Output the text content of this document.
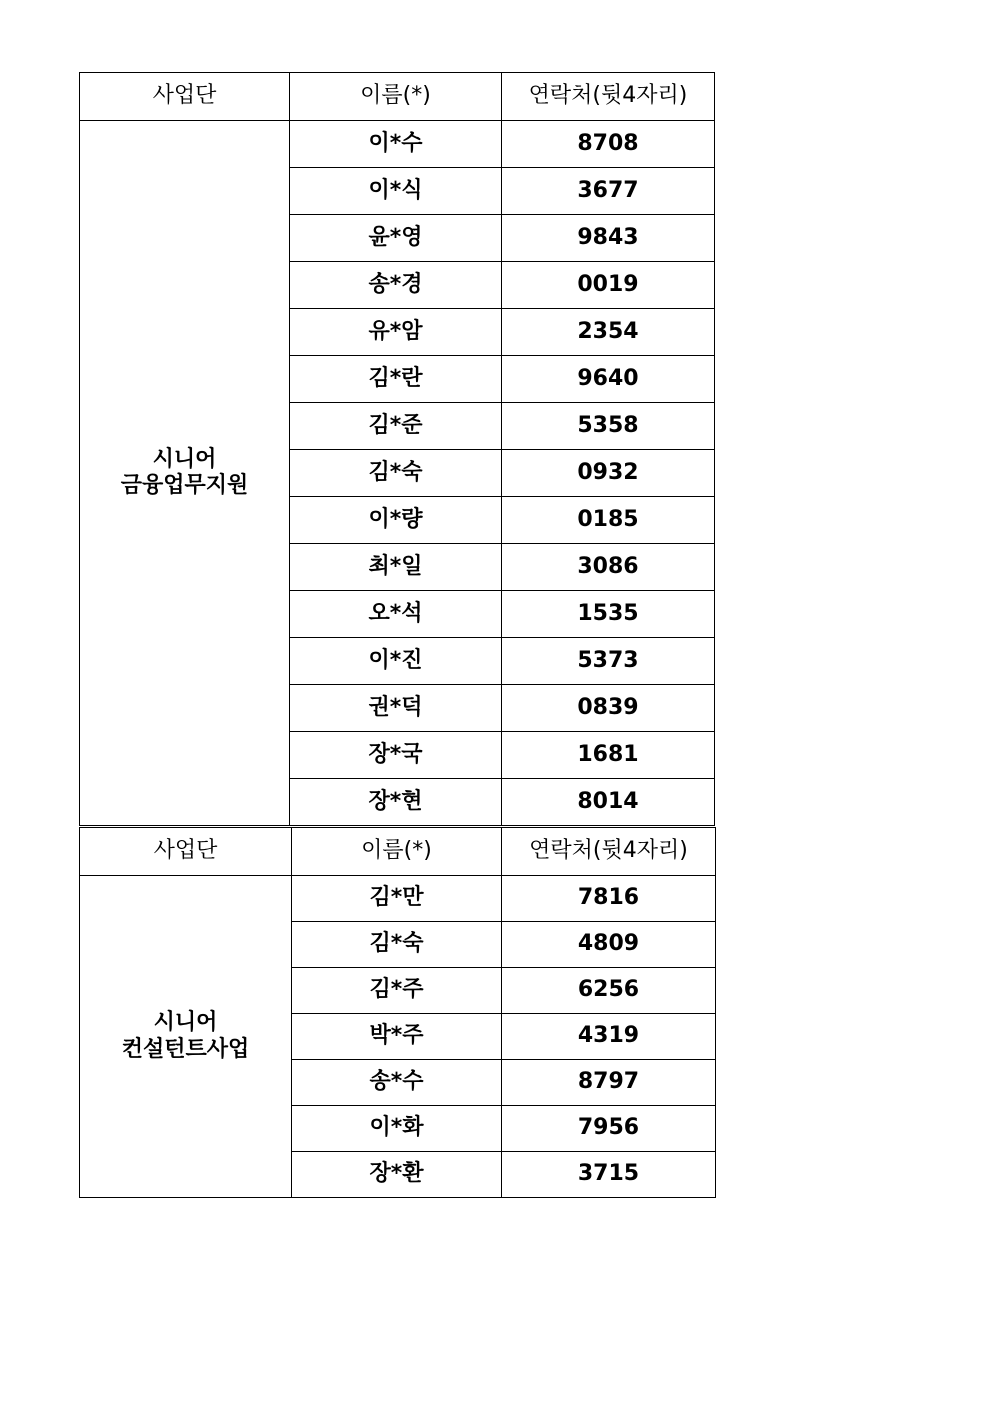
사업단	이름(*)	연락처(뒷4자리)

시니어
금융업무지원	이*수	8708
	이*식	3677
	윤*영	9843
	송*경	0019
	유*암	2354
	김*란	9640
	김*준	5358
	김*숙	0932
	이*량	0185
	최*일	3086
	오*석	1535
	이*진	5373
	권*덕	0839
	장*국	1681
	장*현	8014
사업단	이름(*)	연락처(뒷4자리)

시니어
컨설턴트사업	김*만	7816
	김*숙	4809
	김*주	6256
	박*주	4319
	송*수	8797
	이*화	7956
	장*환	3715
